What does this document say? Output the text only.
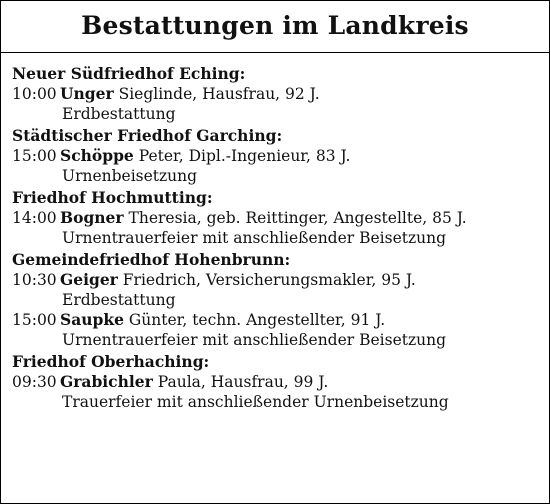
Bestattungen im Landkreis
Neuer Südfriedhof Eching:
10:00 Unger Sieglinde, Hausfrau, 92 J.
Erdbestattung
Städtischer Friedhof Garching:
15:00 Schöppe Peter, Dipl.-Ingenieur, 83 J.
Urnenbeisetzung
Friedhof Hochmutting:
14:00 Bogner Theresia, geb. Reittinger, Angestellte, 85 J.
Urnentrauerfeier mit anschließender Beisetzung
Gemeindefriedhof Hohenbrunn:
10:30 Geiger Friedrich, Versicherungsmakler, 95 J.
Erdbestattung
15:00 Saupke Günter, techn. Angestellter, 91 J.
Urnentrauerfeier mit anschließender Beisetzung
Friedhof Oberhaching:
09:30 Grabichler Paula, Hausfrau, 99 J.
Trauerfeier mit anschließender Urnenbeisetzung
